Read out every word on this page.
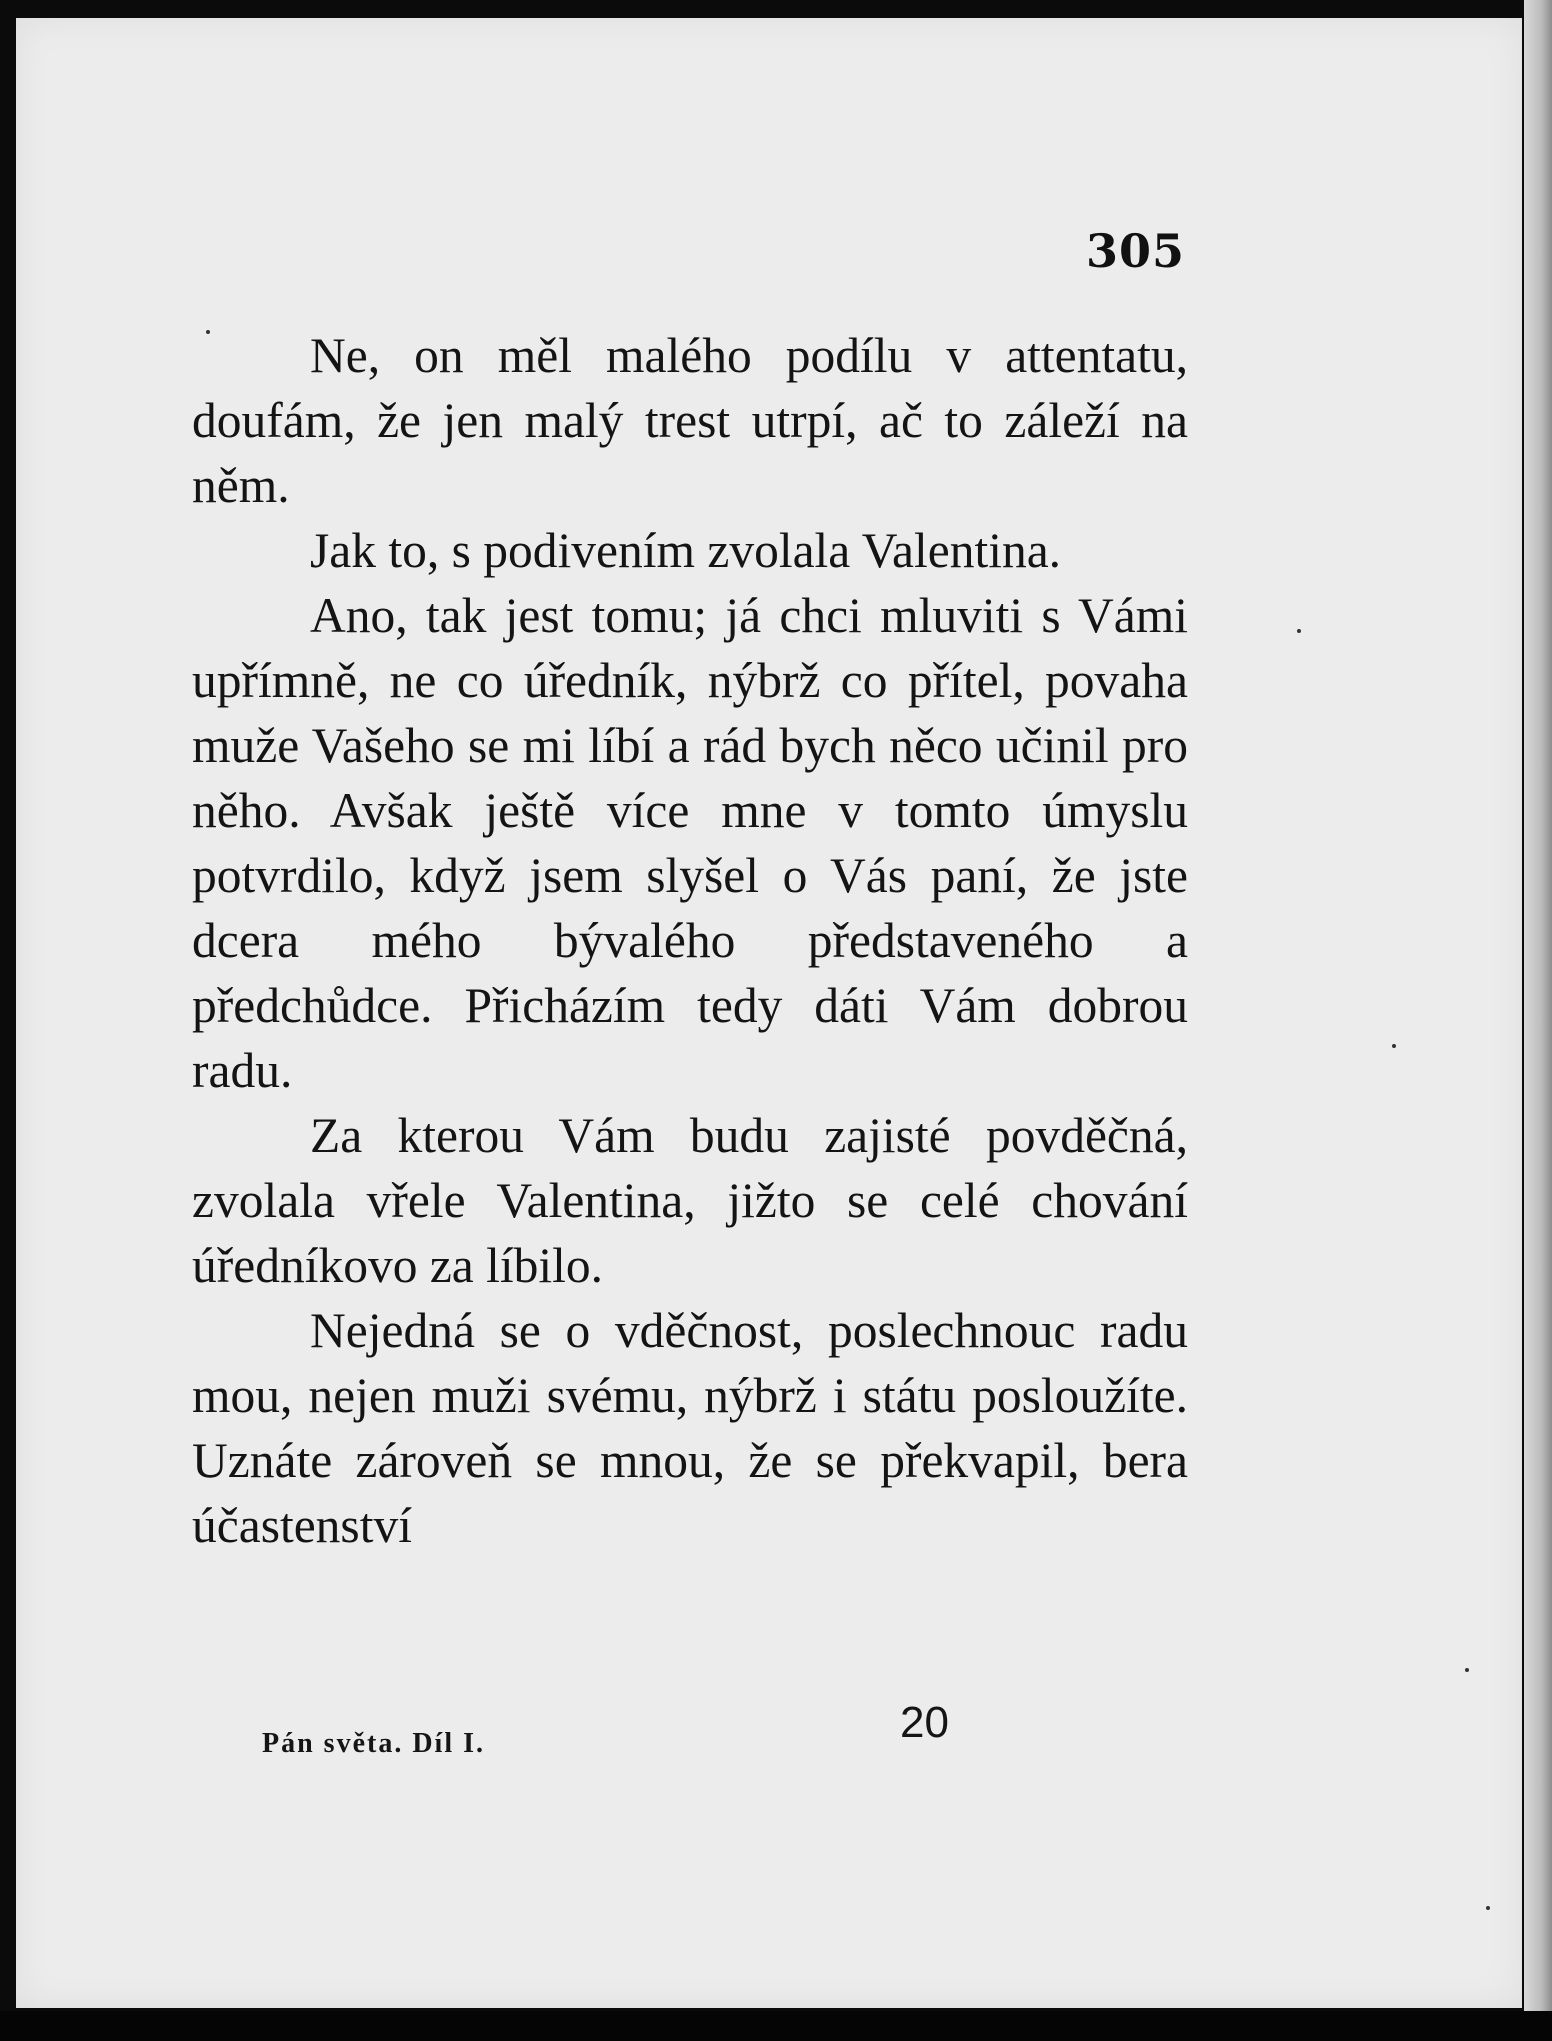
305

Ne, on měl malého podílu v attentatu, doufám, že jen malý trest utrpí, ač to záleží na něm.

Jak to, s podivením zvolala Valentina.

Ano, tak jest tomu; já chci mluviti s Vámi upřímně, ne co úředník, nýbrž co přítel, povaha muže Vašeho se mi líbí a rád bych něco učinil pro něho. Avšak ještě více mne v tomto úmyslu potvrdilo, když jsem slyšel o Vás paní, že jste dcera mého bývalého představeného a předchůdce. Přicházím tedy dáti Vám dobrou radu.

Za kterou Vám budu zajisté povděčná, zvolala vřele Valentina, jižto se celé chování úředníkovo za líbilo.

Nejedná se o vděčnost, poslechnouc radu mou, nejen muži svému, nýbrž i státu posloužíte. Uznáte zároveň se mnou, že se překvapil, bera účastenství

Pán světa. Díl I.	20
